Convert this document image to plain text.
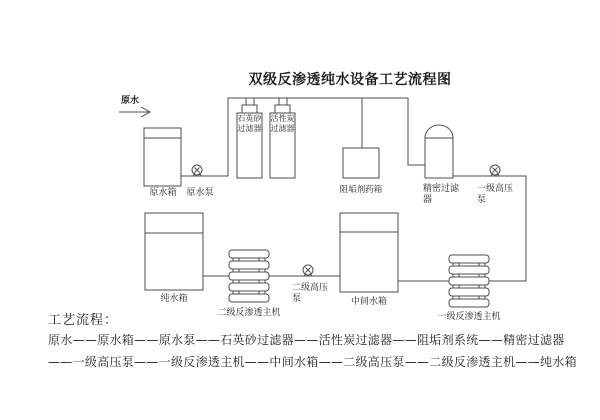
双级反渗透纯水设备工艺流程图
原水
石英砂过滤器
活性炭过滤器
原水箱	原水泵	阻垢剂药箱	精密过滤器
一级高压泵
纯水箱
二级反渗透主机
二级高压泵	中间水箱
一级反渗透主机
工艺流程：
原水——原水箱——原水泵——石英砂过滤器——活性炭过滤器——阻垢剂系统——精密过滤器
——一级高压泵——一级反渗透主机——中间水箱——二级高压泵——二级反渗透主机——纯水箱
